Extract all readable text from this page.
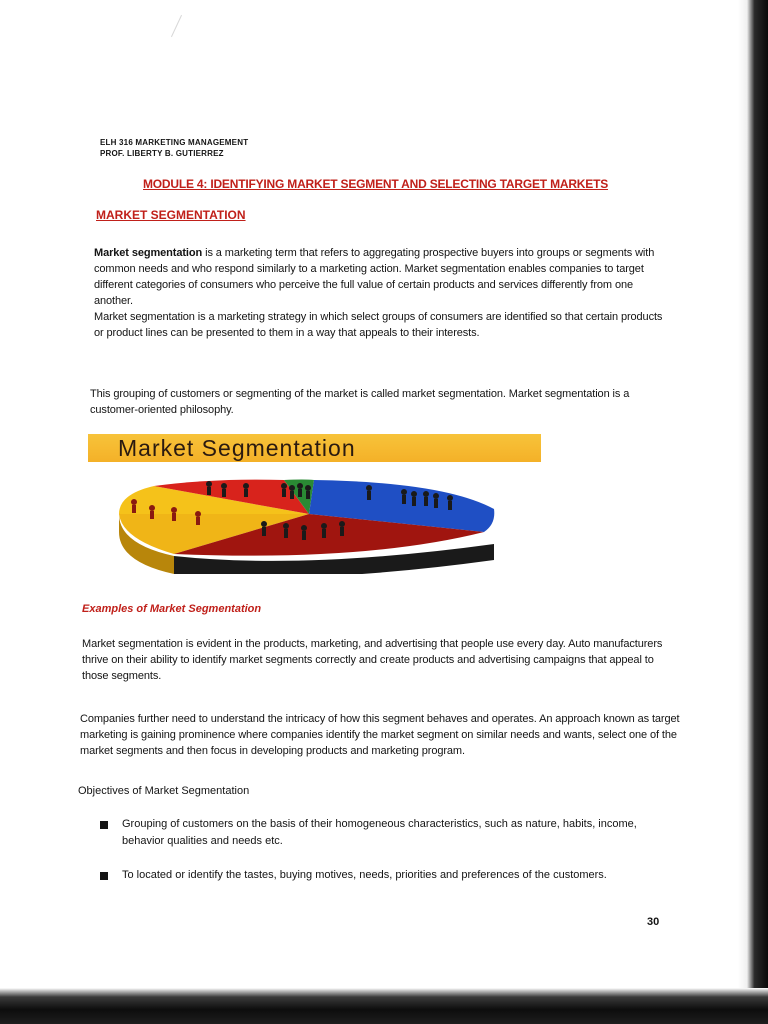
ELH 316 MARKETING MANAGEMENT
PROF. LIBERTY B. GUTIERREZ
MODULE 4: IDENTIFYING MARKET SEGMENT AND SELECTING TARGET MARKETS
MARKET SEGMENTATION
Market segmentation is a marketing term that refers to aggregating prospective buyers into groups or segments with common needs and who respond similarly to a marketing action. Market segmentation enables companies to target different categories of consumers who perceive the full value of certain products and services differently from one another.
Market segmentation is a marketing strategy in which select groups of consumers are identified so that certain products or product lines can be presented to them in a way that appeals to their interests.
This grouping of customers or segmenting of the market is called market segmentation. Market segmentation is a customer-oriented philosophy.
Market Segmentation
Examples of Market Segmentation
Market segmentation is evident in the products, marketing, and advertising that people use every day. Auto manufacturers thrive on their ability to identify market segments correctly and create products and advertising campaigns that appeal to those segments.
Companies further need to understand the intricacy of how this segment behaves and operates. An approach known as target marketing is gaining prominence where companies identify the market segment on similar needs and wants, select one of the market segments and then focus in developing products and marketing program.
Objectives of Market Segmentation
Grouping of customers on the basis of their homogeneous characteristics, such as nature, habits, income, behavior qualities and needs etc.
To located or identify the tastes, buying motives, needs, priorities and preferences of the customers.
30
